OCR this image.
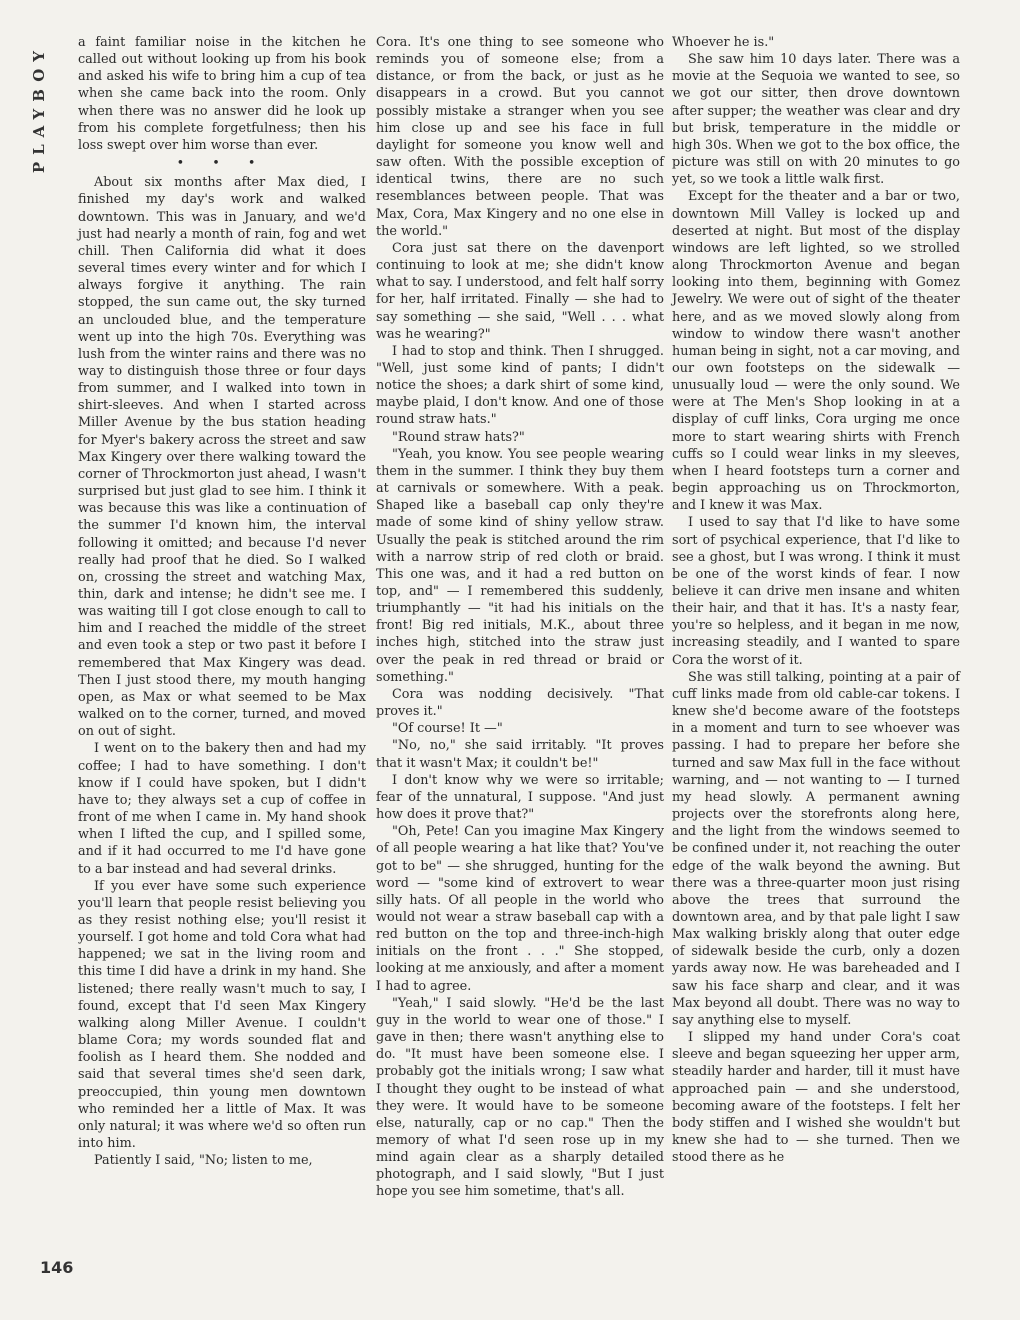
PLAYBOY

a faint familiar noise in the kitchen he called out without looking up from his book and asked his wife to bring him a cup of tea when she came back into the room. Only when there was no answer did he look up from his complete forgetfulness; then his loss swept over him worse than ever.

• • •

About six months after Max died, I finished my day's work and walked downtown. This was in January, and we'd just had nearly a month of rain, fog and wet chill. Then California did what it does several times every winter and for which I always forgive it anything. The rain stopped, the sun came out, the sky turned an unclouded blue, and the temperature went up into the high 70s. Everything was lush from the winter rains and there was no way to distinguish those three or four days from summer, and I walked into town in shirt-sleeves. And when I started across Miller Avenue by the bus station heading for Myer's bakery across the street and saw Max Kingery over there walking toward the corner of Throckmorton just ahead, I wasn't surprised but just glad to see him. I think it was because this was like a continuation of the summer I'd known him, the interval following it omitted; and because I'd never really had proof that he died. So I walked on, crossing the street and watching Max, thin, dark and intense; he didn't see me. I was waiting till I got close enough to call to him and I reached the middle of the street and even took a step or two past it before I remembered that Max Kingery was dead. Then I just stood there, my mouth hanging open, as Max or what seemed to be Max walked on to the corner, turned, and moved on out of sight.

I went on to the bakery then and had my coffee; I had to have something. I don't know if I could have spoken, but I didn't have to; they always set a cup of coffee in front of me when I came in. My hand shook when I lifted the cup, and I spilled some, and if it had occurred to me I'd have gone to a bar instead and had several drinks.

If you ever have some such experience you'll learn that people resist believing you as they resist nothing else; you'll resist it yourself. I got home and told Cora what had happened; we sat in the living room and this time I did have a drink in my hand. She listened; there really wasn't much to say, I found, except that I'd seen Max Kingery walking along Miller Avenue. I couldn't blame Cora; my words sounded flat and foolish as I heard them. She nodded and said that several times she'd seen dark, preoccupied, thin young men downtown who reminded her a little of Max. It was only natural; it was where we'd so often run into him.

Patiently I said, "No; listen to me,

Cora. It's one thing to see someone who reminds you of someone else; from a distance, or from the back, or just as he disappears in a crowd. But you cannot possibly mistake a stranger when you see him close up and see his face in full daylight for someone you know well and saw often. With the possible exception of identical twins, there are no such resemblances between people. That was Max, Cora, Max Kingery and no one else in the world."

Cora just sat there on the davenport continuing to look at me; she didn't know what to say. I understood, and felt half sorry for her, half irritated. Finally — she had to say something — she said, "Well . . . what was he wearing?"

I had to stop and think. Then I shrugged. "Well, just some kind of pants; I didn't notice the shoes; a dark shirt of some kind, maybe plaid, I don't know. And one of those round straw hats."

"Round straw hats?"

"Yeah, you know. You see people wearing them in the summer. I think they buy them at carnivals or somewhere. With a peak. Shaped like a baseball cap only they're made of some kind of shiny yellow straw. Usually the peak is stitched around the rim with a narrow strip of red cloth or braid. This one was, and it had a red button on top, and" — I remembered this suddenly, triumphantly — "it had his initials on the front! Big red initials, M.K., about three inches high, stitched into the straw just over the peak in red thread or braid or something."

Cora was nodding decisively. "That proves it."

"Of course! It —"

"No, no," she said irritably. "It proves that it wasn't Max; it couldn't be!"

I don't know why we were so irritable; fear of the unnatural, I suppose. "And just how does it prove that?"

"Oh, Pete! Can you imagine Max Kingery of all people wearing a hat like that? You've got to be" — she shrugged, hunting for the word — "some kind of extrovert to wear silly hats. Of all people in the world who would not wear a straw baseball cap with a red button on the top and three-inch-high initials on the front . . ." She stopped, looking at me anxiously, and after a moment I had to agree.

"Yeah," I said slowly. "He'd be the last guy in the world to wear one of those." I gave in then; there wasn't anything else to do. "It must have been someone else. I probably got the initials wrong; I saw what I thought they ought to be instead of what they were. It would have to be someone else, naturally, cap or no cap." Then the memory of what I'd seen rose up in my mind again clear as a sharply detailed photograph, and I said slowly, "But I just hope you see him sometime, that's all.

Whoever he is."

She saw him 10 days later. There was a movie at the Sequoia we wanted to see, so we got our sitter, then drove downtown after supper; the weather was clear and dry but brisk, temperature in the middle or high 30s. When we got to the box office, the picture was still on with 20 minutes to go yet, so we took a little walk first.

Except for the theater and a bar or two, downtown Mill Valley is locked up and deserted at night. But most of the display windows are left lighted, so we strolled along Throckmorton Avenue and began looking into them, beginning with Gomez Jewelry. We were out of sight of the theater here, and as we moved slowly along from window to window there wasn't another human being in sight, not a car moving, and our own footsteps on the sidewalk — unusually loud — were the only sound. We were at The Men's Shop looking in at a display of cuff links, Cora urging me once more to start wearing shirts with French cuffs so I could wear links in my sleeves, when I heard footsteps turn a corner and begin approaching us on Throckmorton, and I knew it was Max.

I used to say that I'd like to have some sort of psychical experience, that I'd like to see a ghost, but I was wrong. I think it must be one of the worst kinds of fear. I now believe it can drive men insane and whiten their hair, and that it has. It's a nasty fear, you're so helpless, and it began in me now, increasing steadily, and I wanted to spare Cora the worst of it.

She was still talking, pointing at a pair of cuff links made from old cable-car tokens. I knew she'd become aware of the footsteps in a moment and turn to see whoever was passing. I had to prepare her before she turned and saw Max full in the face without warning, and — not wanting to — I turned my head slowly. A permanent awning projects over the storefronts along here, and the light from the windows seemed to be confined under it, not reaching the outer edge of the walk beyond the awning. But there was a three-quarter moon just rising above the trees that surround the downtown area, and by that pale light I saw Max walking briskly along that outer edge of sidewalk beside the curb, only a dozen yards away now. He was bareheaded and I saw his face sharp and clear, and it was Max beyond all doubt. There was no way to say anything else to myself.

I slipped my hand under Cora's coat sleeve and began squeezing her upper arm, steadily harder and harder, till it must have approached pain — and she understood, becoming aware of the footsteps. I felt her body stiffen and I wished she wouldn't but knew she had to — she turned. Then we stood there as he

146
